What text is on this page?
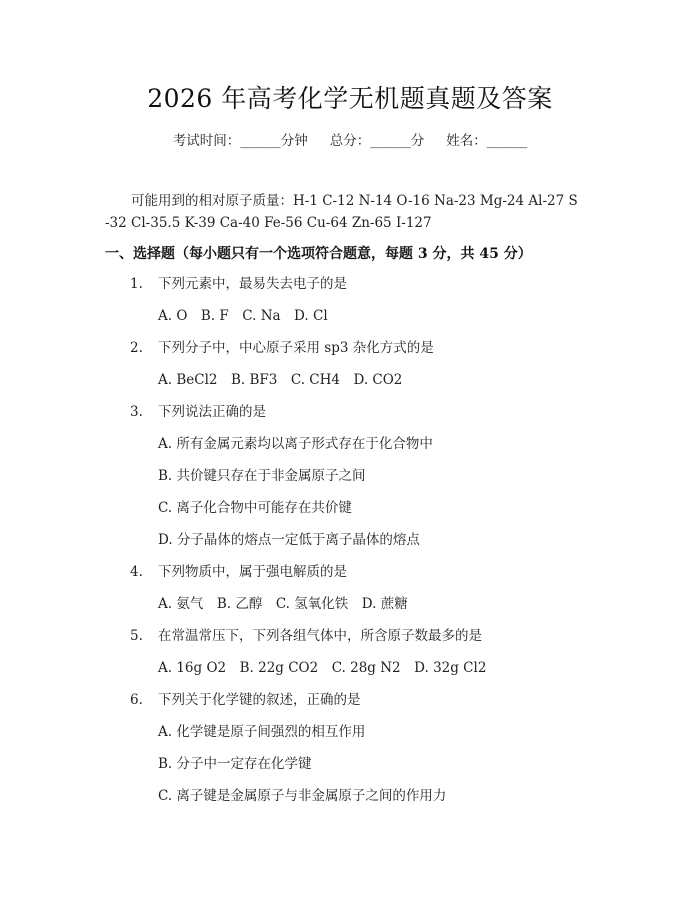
2026 年高考化学无机题真题及答案
考试时间：______分钟 总分：______分 姓名：______
可能用到的相对原子质量：H-1 C-12 N-14 O-16 Na-23 Mg-24 Al-27 S-32 Cl-35.5 K-39 Ca-40 Fe-56 Cu-64 Zn-65 I-127
一、选择题（每小题只有一个选项符合题意，每题 3 分，共 45 分）
1. 下列元素中，最易失去电子的是
A. O　B. F　C. Na　D. Cl
2. 下列分子中，中心原子采用 sp3 杂化方式的是
A. BeCl2　B. BF3　C. CH4　D. CO2
3. 下列说法正确的是
A. 所有金属元素均以离子形式存在于化合物中
B. 共价键只存在于非金属原子之间
C. 离子化合物中可能存在共价键
D. 分子晶体的熔点一定低于离子晶体的熔点
4. 下列物质中，属于强电解质的是
A. 氨气　B. 乙醇　C. 氢氧化铁　D. 蔗糖
5. 在常温常压下，下列各组气体中，所含原子数最多的是
A. 16g O2　B. 22g CO2　C. 28g N2　D. 32g Cl2
6. 下列关于化学键的叙述，正确的是
A. 化学键是原子间强烈的相互作用
B. 分子中一定存在化学键
C. 离子键是金属原子与非金属原子之间的作用力
